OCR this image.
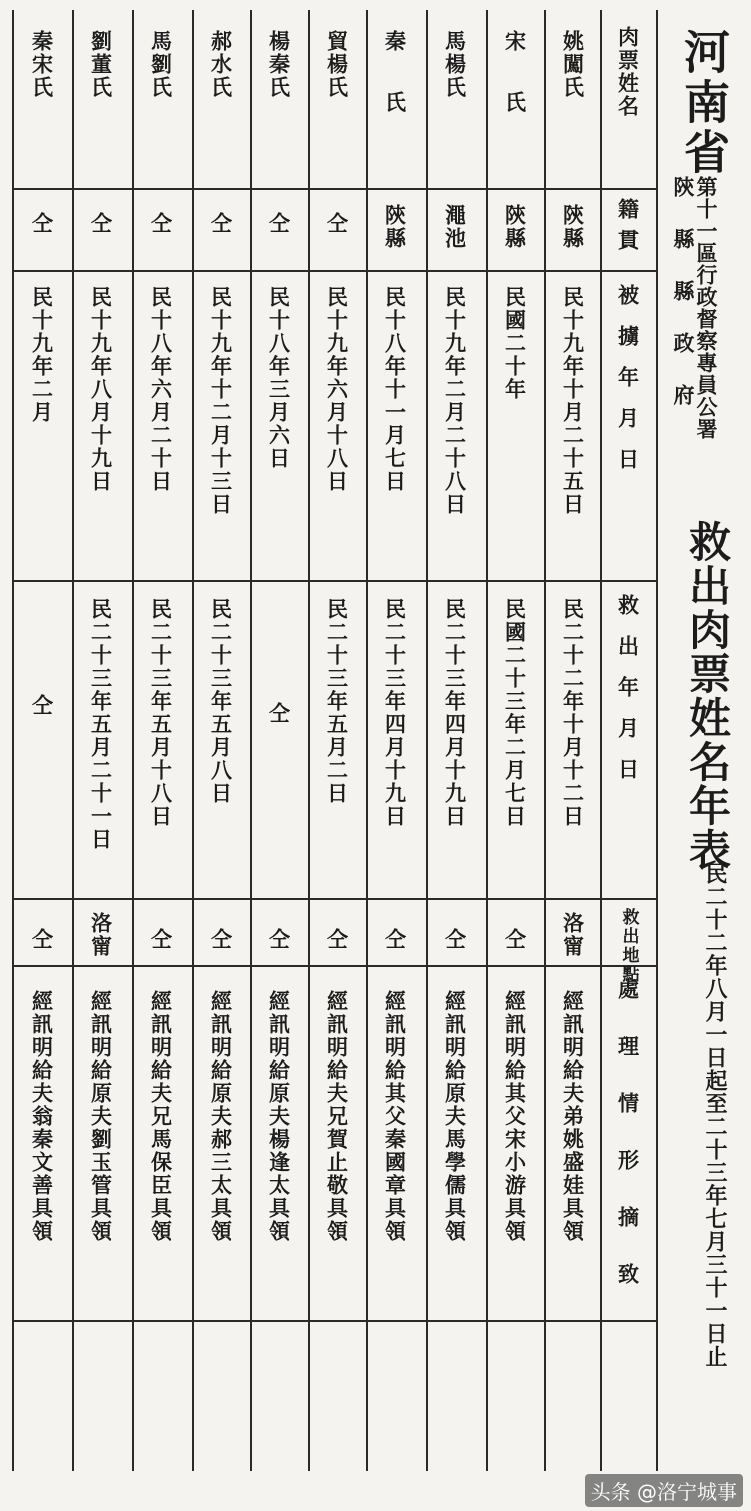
河南省
第十一區行政督察專員公署
陝 縣 縣 政 府
救出肉票姓名年表
民二十二年八月一日起至二十三年七月三十一日止
肉票姓名
籍貫
被擄年月日
救出年月日
救出地點
處理情形摘致
姚闖氏
陝縣
民十九年十月二十五日
民二十二年十月十二日
洛甯
經訊明給夫弟姚盛娃具領
宋氏
陝縣
民國二十年
民國二十三年二月七日
仝
經訊明給其父宋小游具領
馬楊氏
澠池
民十九年二月二十八日
民二十三年四月十九日
仝
經訊明給原夫馬學儒具領
秦氏
陝縣
民十八年十一月七日
民二十三年四月十九日
仝
經訊明給其父秦國章具領
貿楊氏
仝
民十九年六月十八日
民二十三年五月二日
仝
經訊明給夫兄賀止敬具領
楊秦氏
仝
民十八年三月六日
仝
仝
經訊明給原夫楊逢太具領
郝水氏
仝
民十九年十二月十三日
民二十三年五月八日
仝
經訊明給原夫郝三太具領
馬劉氏
仝
民十八年六月二十日
民二十三年五月十八日
仝
經訊明給夫兄馬保臣具領
劉董氏
仝
民十九年八月十九日
民二十三年五月二十一日
洛甯
經訊明給原夫劉玉管具領
秦宋氏
仝
民十九年二月
仝
仝
經訊明給夫翁秦文善具領
头条 @洛宁城事
